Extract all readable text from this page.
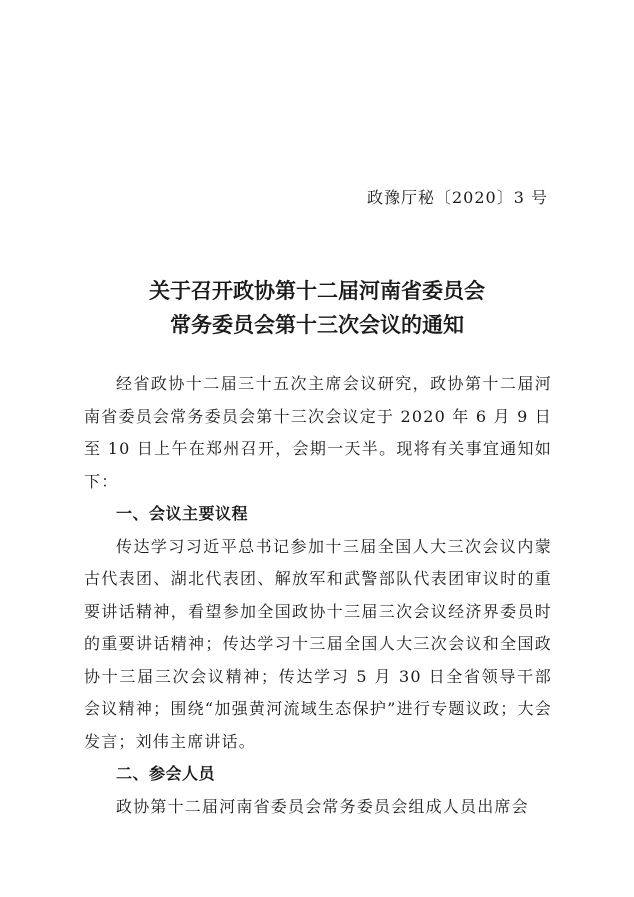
政豫厅秘〔2020〕3 号
关于召开政协第十二届河南省委员会
常务委员会第十三次会议的通知

经省政协十二届三十五次主席会议研究，政协第十二届河南省委员会常务委员会第十三次会议定于 2020 年 6 月 9 日至 10 日上午在郑州召开，会期一天半。现将有关事宜通知如下：

一、会议主要议程

传达学习习近平总书记参加十三届全国人大三次会议内蒙古代表团、湖北代表团、解放军和武警部队代表团审议时的重要讲话精神，看望参加全国政协十三届三次会议经济界委员时的重要讲话精神；传达学习十三届全国人大三次会议和全国政协十三届三次会议精神；传达学习 5 月 30 日全省领导干部会议精神；围绕“加强黄河流域生态保护”进行专题议政；大会发言；刘伟主席讲话。

二、参会人员

政协第十二届河南省委员会常务委员会组成人员出席会
